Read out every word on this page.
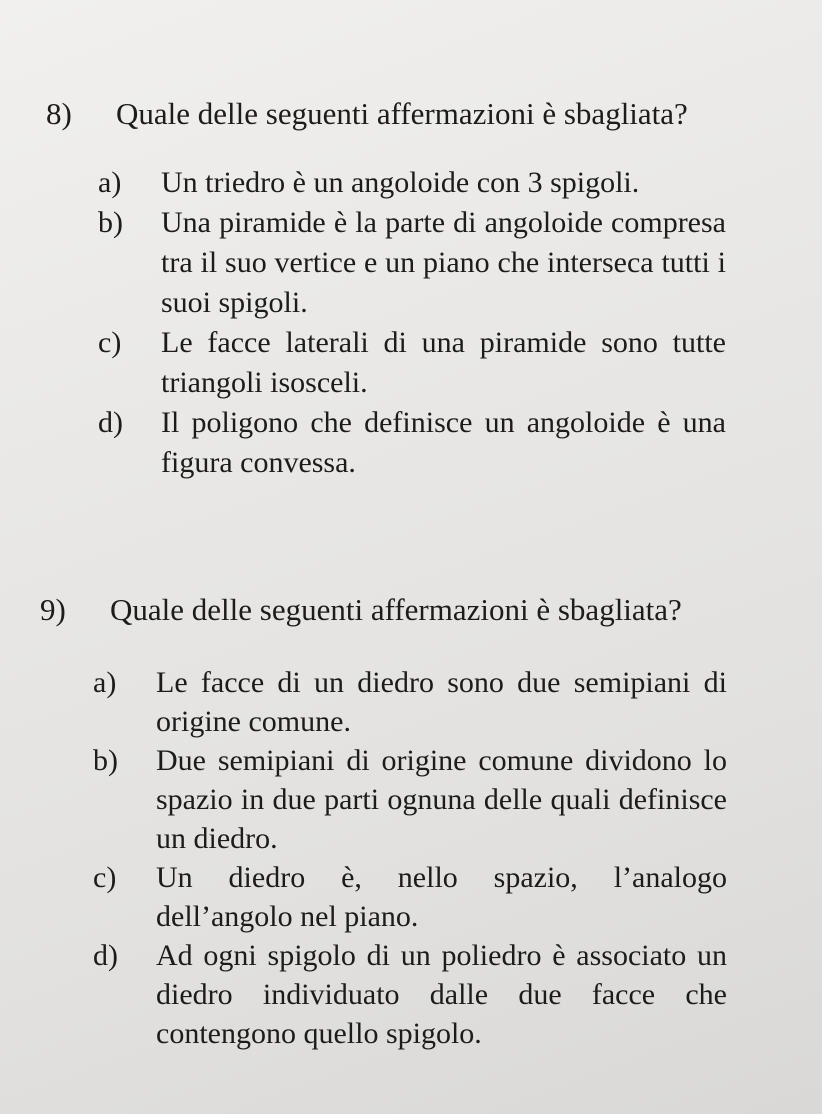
8)	Quale delle seguenti affermazioni è sbagliata?
a)	Un triedro è un angoloide con 3 spigoli.
b)	Una piramide è la parte di angoloide compresa tra il suo vertice e un piano che interseca tutti i suoi spigoli.
c)	Le facce laterali di una piramide sono tutte triangoli isosceli.
d)	Il poligono che definisce un angoloide è una figura convessa.
9)	Quale delle seguenti affermazioni è sbagliata?
a)	Le facce di un diedro sono due semipiani di origine comune.
b)	Due semipiani di origine comune dividono lo spazio in due parti ognuna delle quali definisce un diedro.
c)	Un diedro è, nello spazio, l’analogo dell’angolo nel piano.
d)	Ad ogni spigolo di un poliedro è associato un diedro individuato dalle due facce che contengono quello spigolo.
